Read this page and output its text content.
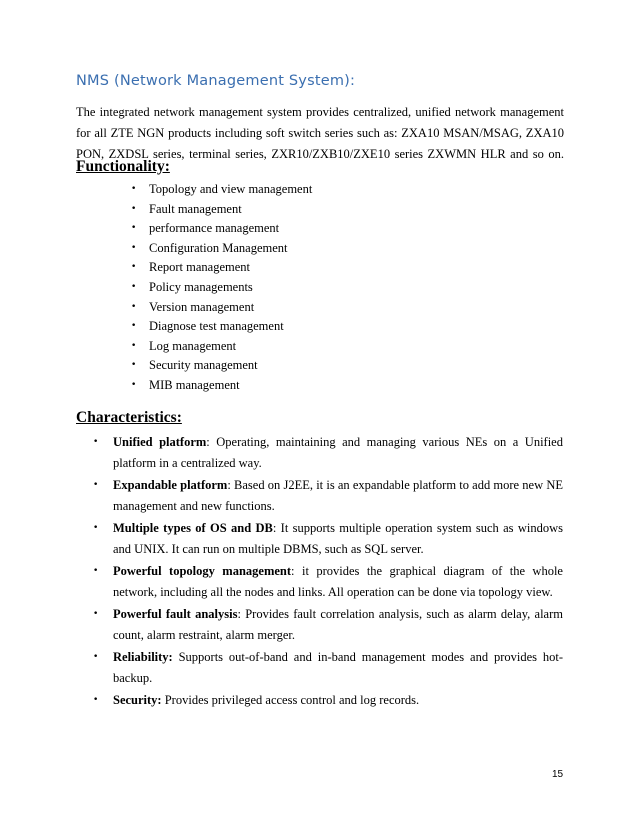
NMS (Network Management System):
The integrated network management system provides centralized, unified network management
for all ZTE NGN products including soft switch series such as: ZXA10 MSAN/MSAG, ZXA10
PON, ZXDSL series, terminal series, ZXR10/ZXB10/ZXE10 series ZXWMN HLR and so on.
Functionality:
• Topology and view management
• Fault management
• performance management
• Configuration Management
• Report management
• Policy managements
• Version management
• Diagnose test management
• Log management
• Security management
• MIB management
Characteristics:
• Unified platform: Operating, maintaining and managing various NEs on a Unified platform in a centralized way.
• Expandable platform: Based on J2EE, it is an expandable platform to add more new NE management and new functions.
• Multiple types of OS and DB: It supports multiple operation system such as windows and UNIX. It can run on multiple DBMS, such as SQL server.
• Powerful topology management: it provides the graphical diagram of the whole network, including all the nodes and links. All operation can be done via topology view.
• Powerful fault analysis: Provides fault correlation analysis, such as alarm delay, alarm count, alarm restraint, alarm merger.
• Reliability: Supports out-of-band and in-band management modes and provides hot-backup.
• Security: Provides privileged access control and log records.
15
